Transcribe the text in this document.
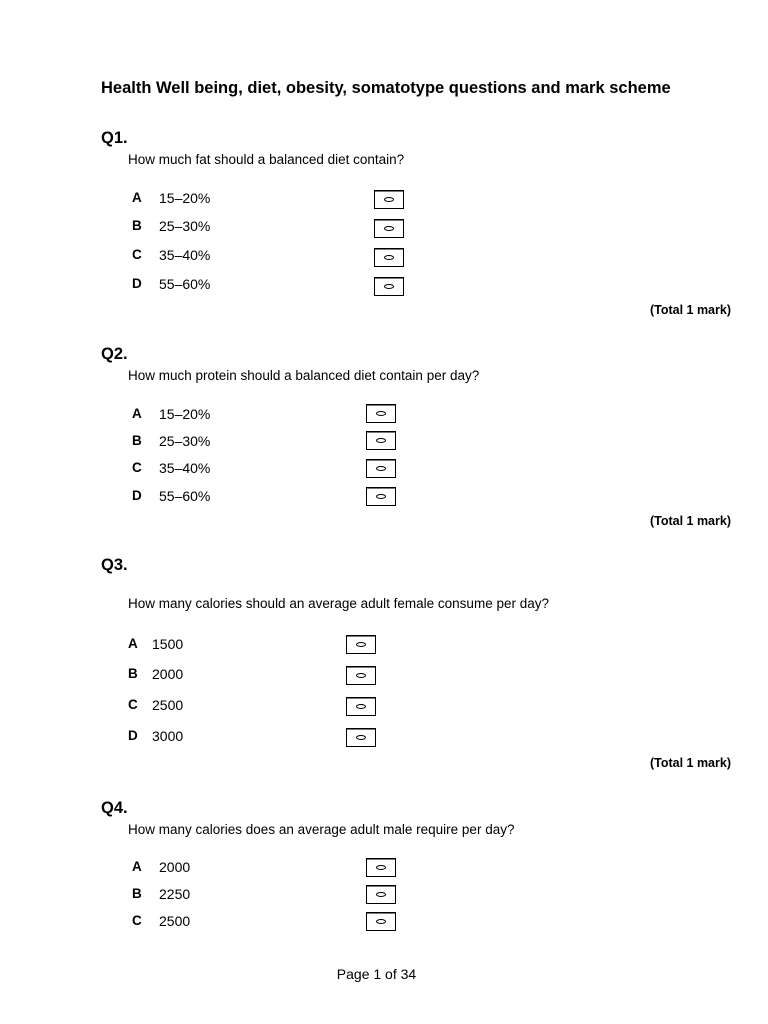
Health Well being, diet, obesity, somatotype questions and mark scheme
Q1.
How much fat should a balanced diet contain?
A 15–20%
B 25–30%
C 35–40%
D 55–60%
(Total 1 mark)
Q2.
How much protein should a balanced diet contain per day?
A 15–20%
B 25–30%
C 35–40%
D 55–60%
(Total 1 mark)
Q3.
How many calories should an average adult female consume per day?
A 1500
B 2000
C 2500
D 3000
(Total 1 mark)
Q4.
How many calories does an average adult male require per day?
A 2000
B 2250
C 2500
Page 1 of 34
